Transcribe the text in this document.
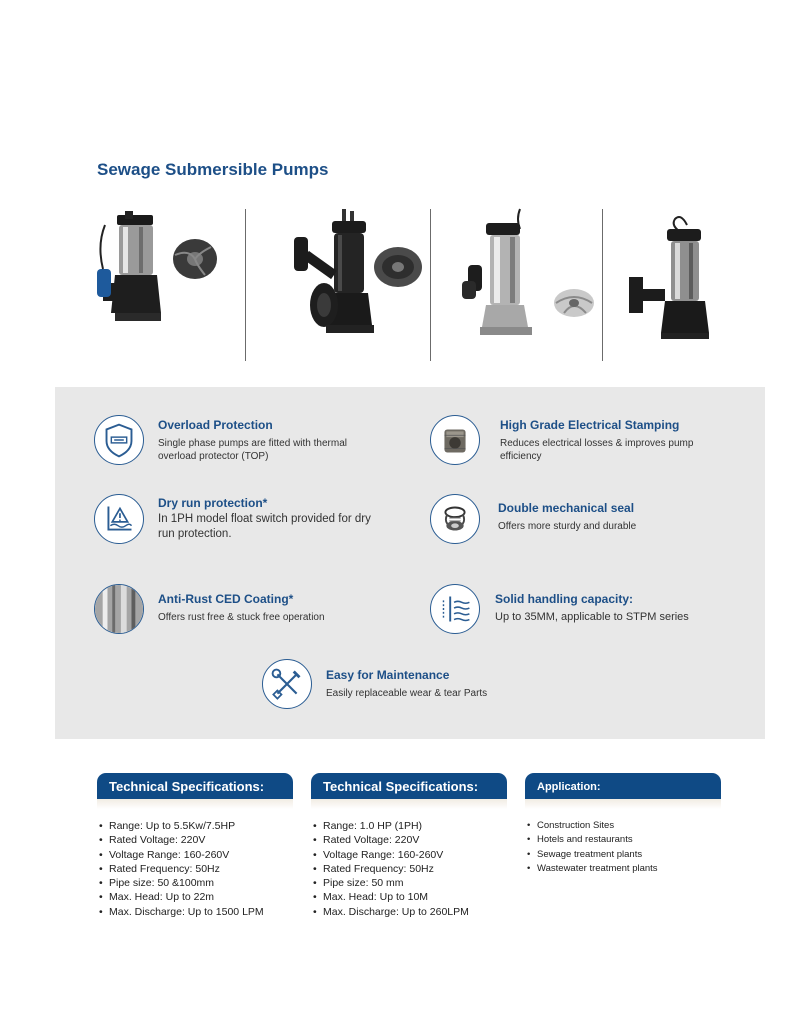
Sewage Submersible Pumps
Overload Protection
Single phase pumps are fitted with thermal overload protector (TOP)
High Grade Electrical Stamping
Reduces electrical losses & improves pump efficiency
Dry run protection*
In 1PH model float switch provided for dry run protection.
Double mechanical seal
Offers more sturdy and durable
Anti-Rust CED Coating*
Offers rust free & stuck free operation
Solid handling capacity:
Up to 35MM, applicable to STPM series
Easy for Maintenance
Easily replaceable wear & tear Parts
Technical Specifications:
• Range: Up to 5.5Kw/7.5HP
• Rated Voltage: 220V
• Voltage Range: 160-260V
• Rated Frequency: 50Hz
• Pipe size: 50 &100mm
• Max. Head: Up to 22m
• Max. Discharge: Up to 1500 LPM
Technical Specifications:
• Range: 1.0 HP (1PH)
• Rated Voltage: 220V
• Voltage Range: 160-260V
• Rated Frequency: 50Hz
• Pipe size: 50 mm
• Max. Head: Up to 10M
• Max. Discharge: Up to 260LPM
Application:
• Construction Sites
• Hotels and restaurants
• Sewage treatment plants
• Wastewater treatment plants
